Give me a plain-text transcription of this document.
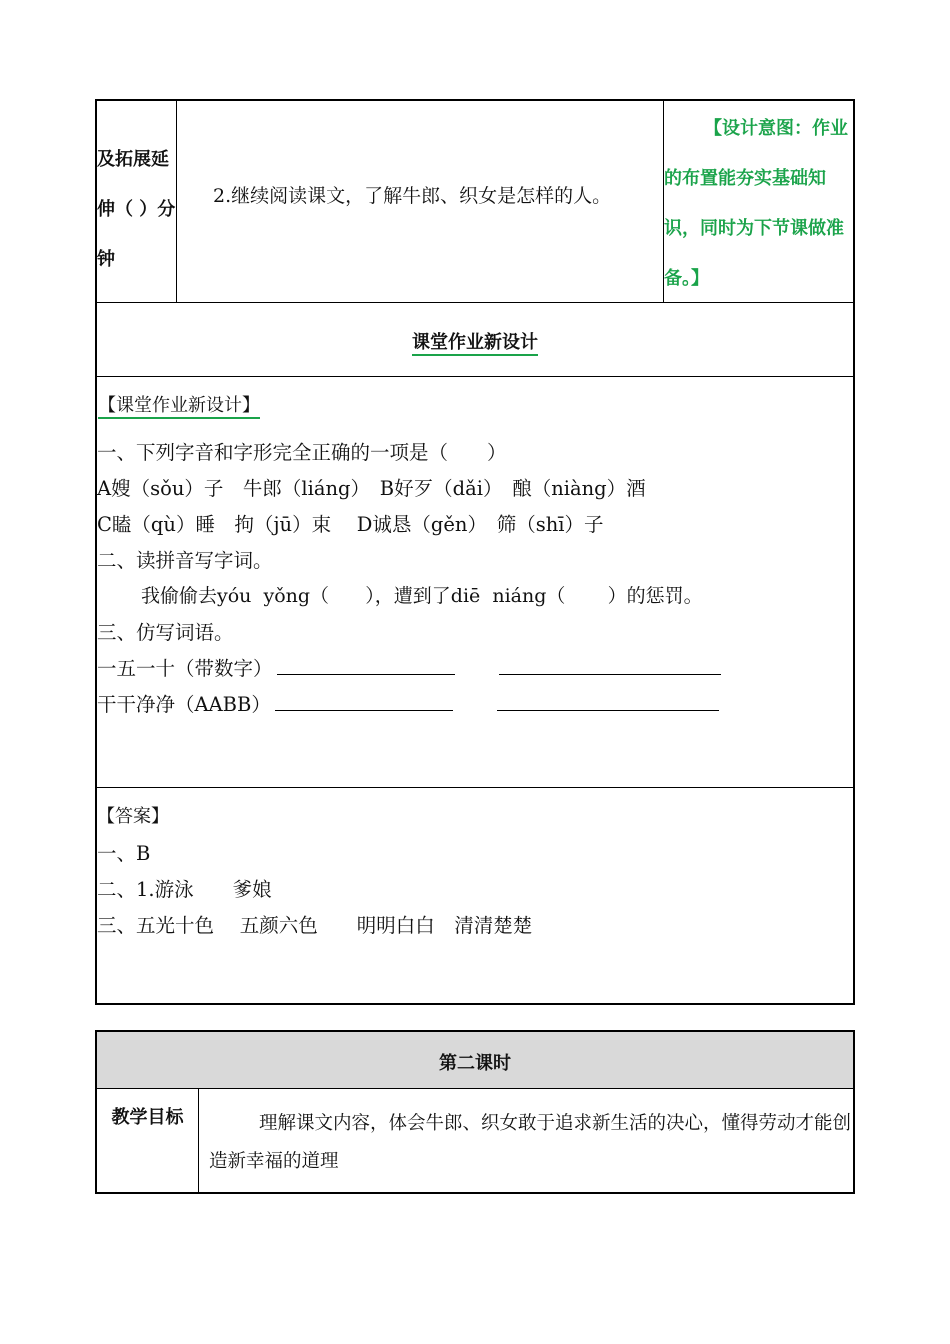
及拓展延伸（ ）分钟
2.继续阅读课文，了解牛郎、织女是怎样的人。
【设计意图：作业的布置能夯实基础知识，同时为下节课做准备。】
课堂作业新设计
【课堂作业新设计】
一、下列字音和字形完全正确的一项是（　　）
A嫂（sǒu）子　牛郎（liáng）　B好歹（dǎi）　酿（niàng）酒
C瞌（qù）睡　拘（jū）束　 D诚恳（gěn）　筛（shī）子
二、读拼音写字词。
我偷偷去yóu  yǒng（      ），遭到了diē  niáng（       ）的惩罚。
三、仿写词语。
一五一十（带数字）
干干净净（AABB）
【答案】
一、B
二、1.游泳　　爹娘
三、五光十色　 五颜六色　　明明白白　清清楚楚
第二课时
教学目标	理解课文内容，体会牛郎、织女敢于追求新生活的决心，懂得劳动才能创造新幸福的道理
